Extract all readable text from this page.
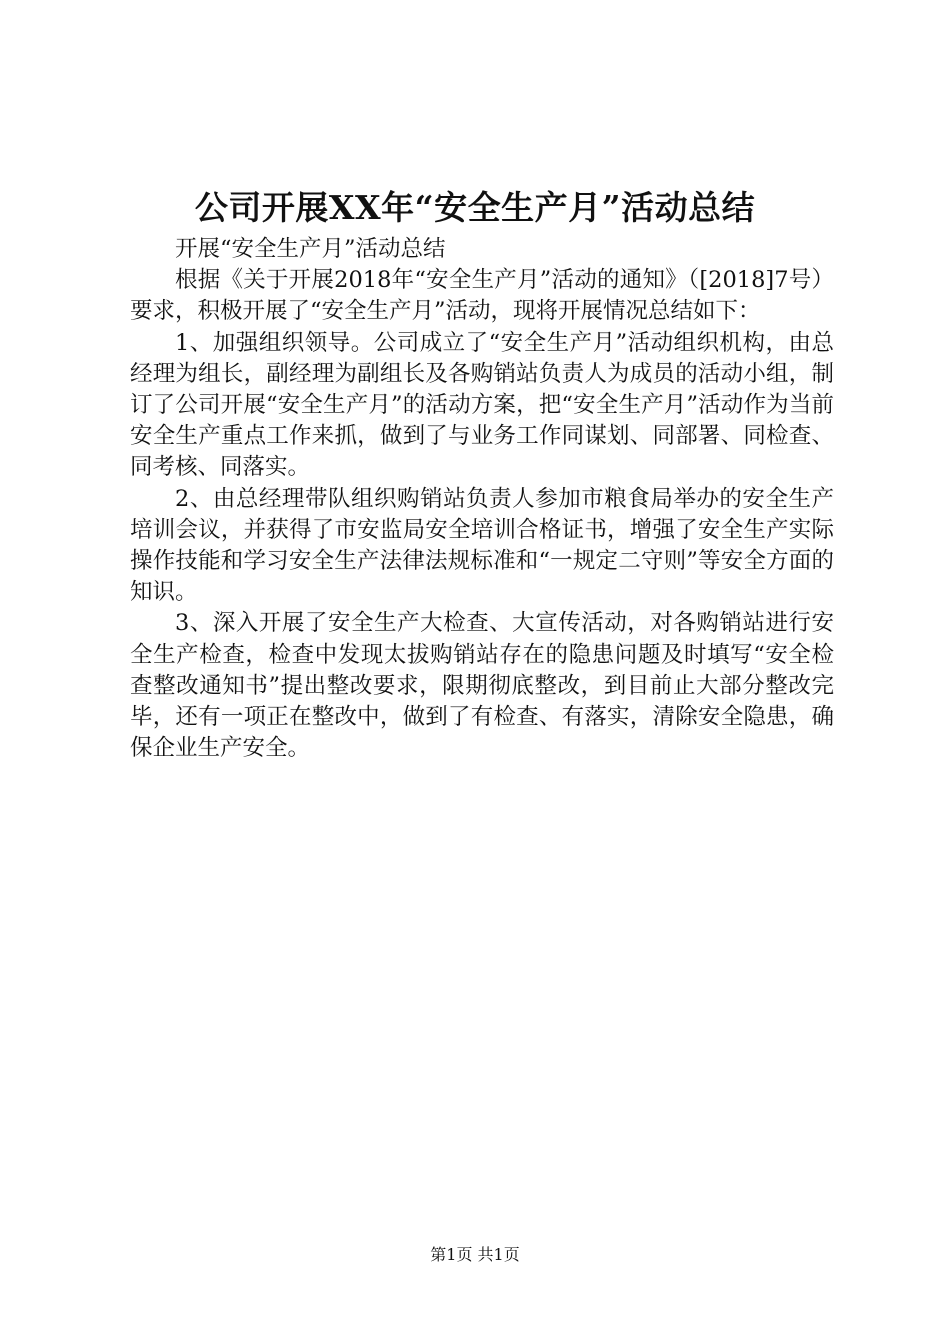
公司开展XX年“安全生产月”活动总结

开展“安全生产月”活动总结

根据《关于开展2018年“安全生产月”活动的通知》（[2018]7号）要求，积极开展了“安全生产月”活动，现将开展情况总结如下：

1、加强组织领导。公司成立了“安全生产月”活动组织机构，由总经理为组长，副经理为副组长及各购销站负责人为成员的活动小组，制订了公司开展“安全生产月”的活动方案，把“安全生产月”活动作为当前安全生产重点工作来抓，做到了与业务工作同谋划、同部署、同检查、同考核、同落实。

2、由总经理带队组织购销站负责人参加市粮食局举办的安全生产培训会议，并获得了市安监局安全培训合格证书，增强了安全生产实际操作技能和学习安全生产法律法规标准和“一规定二守则”等安全方面的知识。

3、深入开展了安全生产大检查、大宣传活动，对各购销站进行安全生产检查，检查中发现太拔购销站存在的隐患问题及时填写“安全检查整改通知书”提出整改要求，限期彻底整改，到目前止大部分整改完毕，还有一项正在整改中，做到了有检查、有落实，清除安全隐患，确保企业生产安全。

第1页 共1页
